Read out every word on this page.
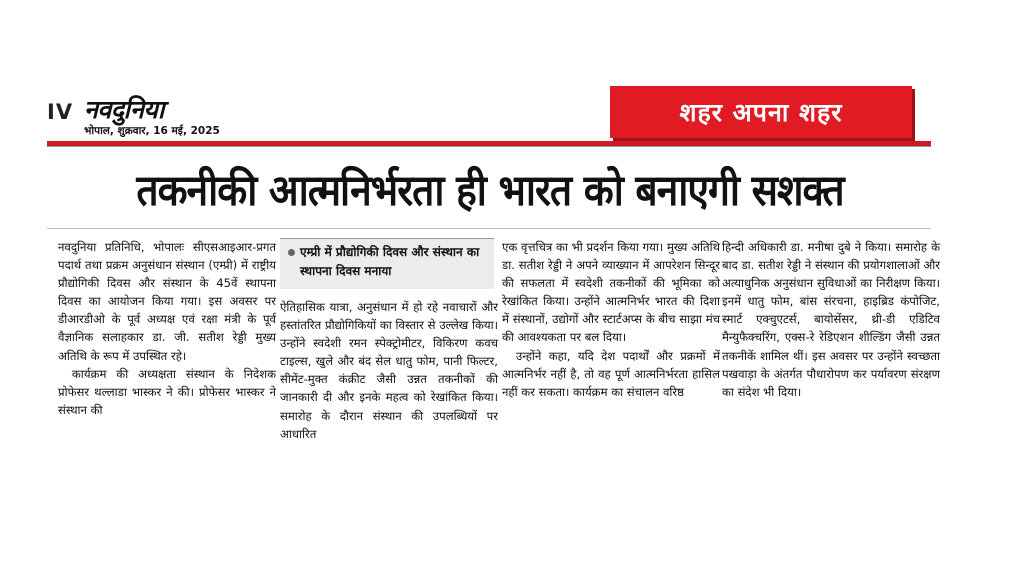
IV नवदुनिया
भोपाल, शुक्रवार, 16 मई, 2025
शहर अपना शहर
तकनीकी आत्मनिर्भरता ही भारत को बनाएगी सशक्त

नवदुनिया प्रतिनिधि, भोपालः सीएसआइआर-प्रगत पदार्थ तथा प्रक्रम अनुसंधान संस्थान (एम्प्री) में राष्ट्रीय प्रौद्योगिकी दिवस और संस्थान के 45वें स्थापना दिवस का आयोजन किया गया। इस अवसर पर डीआरडीओ के पूर्व अध्यक्ष एवं रक्षा मंत्री के पूर्व वैज्ञानिक सलाहकार डा. जी. सतीश रेड्डी मुख्य अतिथि के रूप में उपस्थित रहे।

कार्यक्रम की अध्यक्षता संस्थान के निदेशक प्रोफेसर थल्लाडा भास्कर ने की। प्रोफेसर भास्कर ने संस्थान की

एम्प्री में प्रौद्योगिकी दिवस और संस्थान का स्थापना दिवस मनाया

ऐतिहासिक यात्रा, अनुसंधान में हो रहे नवाचारों और हस्तांतरित प्रौद्योगिकियों का विस्तार से उल्लेख किया। उन्होंने स्वदेशी रमन स्पेक्ट्रोमीटर, विकिरण कवच टाइल्स, खुले और बंद सेल धातु फोम, पानी फिल्टर, सीमेंट-मुक्त कंक्रीट जैसी उन्नत तकनीकों की जानकारी दी और इनके महत्व को रेखांकित किया। समारोह के दौरान संस्थान की उपलब्धियों पर आधारित

एक वृत्तचित्र का भी प्रदर्शन किया गया। मुख्य अतिथि डा. सतीश रेड्डी ने अपने व्याख्यान में आपरेशन सिन्दूर की सफलता में स्वदेशी तकनीकों की भूमिका को रेखांकित किया। उन्होंने आत्मनिर्भर भारत की दिशा में संस्थानों, उद्योगों और स्टार्टअप्स के बीच साझा मंच की आवश्यकता पर बल दिया।

उन्होंने कहा, यदि देश पदार्थों और प्रक्रमों में आत्मनिर्भर नहीं है, तो वह पूर्ण आत्मनिर्भरता हासिल नहीं कर सकता। कार्यक्रम का संचालन वरिष्ठ

हिन्दी अधिकारी डा. मनीषा दुबे ने किया। समारोह के बाद डा. सतीश रेड्डी ने संस्थान की प्रयोगशालाओं और अत्याधुनिक अनुसंधान सुविधाओं का निरीक्षण किया। इनमें धातु फोम, बांस संरचना, हाइब्रिड कंपोजिट, स्मार्ट एक्चुएटर्स, बायोसेंसर, थ्री-डी एडिटिव मैन्युफैक्चरिंग, एक्स-रे रेडिएशन शील्डिंग जैसी उन्नत तकनीकें शामिल थीं। इस अवसर पर उन्होंने स्वच्छता पखवाड़ा के अंतर्गत पौधारोपण कर पर्यावरण संरक्षण का संदेश भी दिया।
